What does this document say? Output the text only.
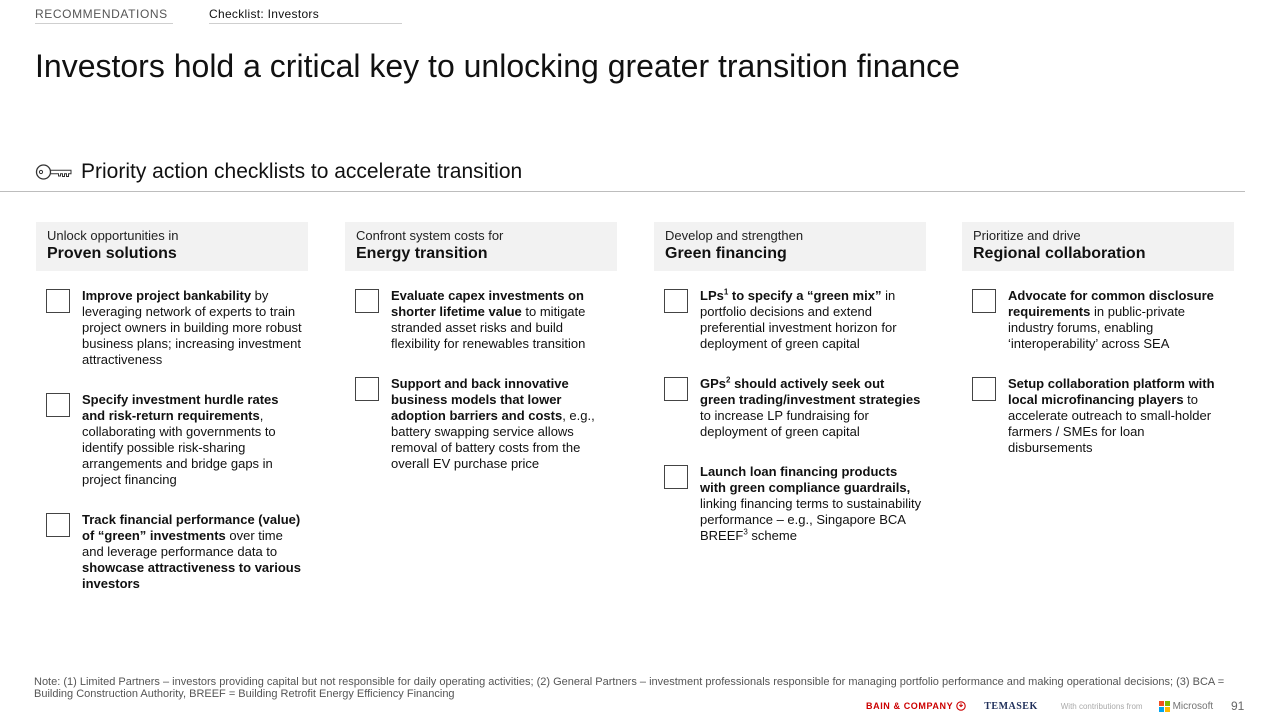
RECOMMENDATIONS	Checklist: Investors
Investors hold a critical key to unlocking greater transition finance
Priority action checklists to accelerate transition
Unlock opportunities in
Proven solutions
Improve project bankability by leveraging network of experts to train project owners in building more robust business plans; increasing investment attractiveness
Specify investment hurdle rates and risk-return requirements, collaborating with governments to identify possible risk-sharing arrangements and bridge gaps in project financing
Track financial performance (value) of “green” investments over time and leverage performance data to showcase attractiveness to various investors
Confront system costs for
Energy transition
Evaluate capex investments on shorter lifetime value to mitigate stranded asset risks and build flexibility for renewables transition
Support and back innovative business models that lower adoption barriers and costs, e.g., battery swapping service allows removal of battery costs from the overall EV purchase price
Develop and strengthen
Green financing
LPs$^1$ to specify a “green mix” in portfolio decisions and extend preferential investment horizon for deployment of green capital
GPs$^2$ should actively seek out green trading/investment strategies to increase LP fundraising for deployment of green capital
Launch loan financing products with green compliance guardrails, linking financing terms to sustainability performance – e.g., Singapore BCA BREEF$^3$ scheme
Prioritize and drive
Regional collaboration
Advocate for common disclosure requirements in public-private industry forums, enabling ‘interoperability’ across SEA
Setup collaboration platform with local microfinancing players to accelerate outreach to small-holder farmers / SMEs for loan disbursements
Note: (1) Limited Partners – investors providing capital but not responsible for daily operating activities; (2) General Partners – investment professionals responsible for managing portfolio performance and making operational decisions; (3) BCA = Building Construction Authority, BREEF = Building Retrofit Energy Efficiency Financing
BAIN & COMPANY	TEMASEK	With contributions from	Microsoft 91
